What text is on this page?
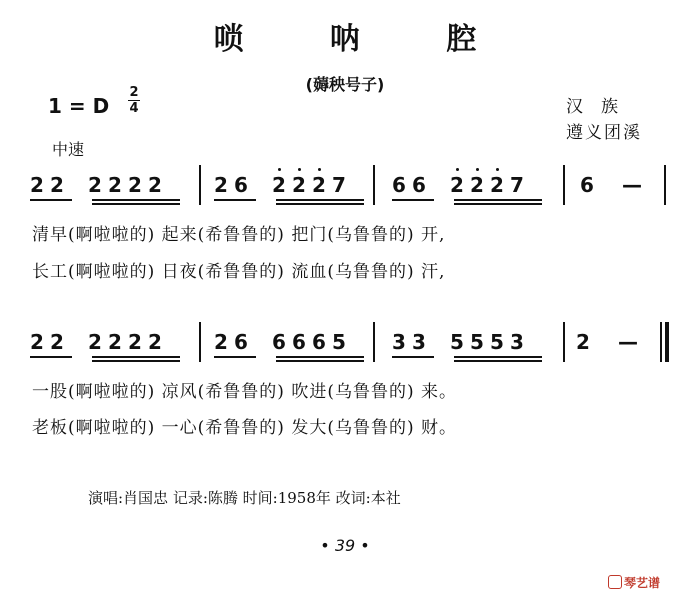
唢 呐 腔
(薅秧号子)
1 = D
2
4	汉族
遵义团溪
中速
2 2 2 2 2 2	2 6 2 2 2 7 6 6 2 2 2 7	6 —
清早(啊啦啦的) 起来(希鲁鲁的) 把门(乌鲁鲁的) 开,
长工(啊啦啦的) 日夜(希鲁鲁的) 流血(乌鲁鲁的) 汗,
2 2 2 2 2 2	2 6 6 6 6 5 3 3 5 5 5 3	2 —
一股(啊啦啦的) 凉风(希鲁鲁的) 吹进(乌鲁鲁的) 来。
老板(啊啦啦的) 一心(希鲁鲁的) 发大(乌鲁鲁的) 财。
演唱:肖国忠 记录:陈腾 时间:1958年 改词:本社
• 39 •
琴艺谱
